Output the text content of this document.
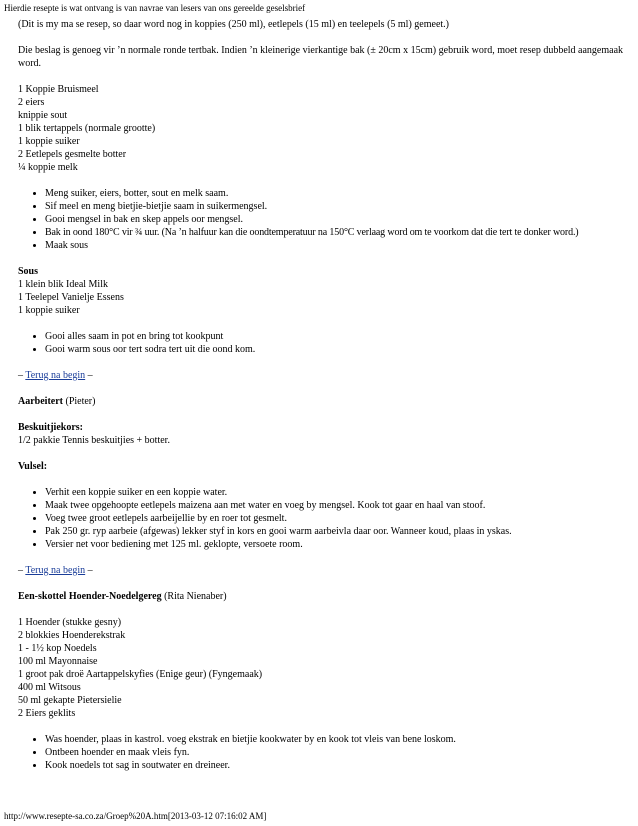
Hierdie resepte is wat ontvang is van navrae van lesers van ons gereelde geselsbrief
(Dit is my ma se resep, so daar word nog in koppies (250 ml), eetlepels (15 ml) en teelepels (5 ml) gemeet.)
Die beslag is genoeg vir ’n normale ronde tertbak. Indien ’n kleinerige vierkantige bak (± 20cm x 15cm) gebruik word, moet resep dubbeld aangemaak word.
1 Koppie Bruismeel
2 eiers
knippie sout
1 blik tertappels (normale grootte)
1 koppie suiker
2 Eetlepels gesmelte botter
¼ koppie melk
• Meng suiker, eiers, botter, sout en melk saam.
• Sif meel en meng bietjie-bietjie saam in suikermengsel.
• Gooi mengsel in bak en skep appels oor mengsel.
• Bak in oond 180°C vir ¾ uur. (Na ’n halfuur kan die oondtemperatuur na 150°C verlaag word om te voorkom dat die tert te donker word.)
• Maak sous
Sous
1 klein blik Ideal Milk
1 Teelepel Vanielje Essens
1 koppie suiker
• Gooi alles saam in pot en bring tot kookpunt
• Gooi warm sous oor tert sodra tert uit die oond kom.
– Terug na begin –
Aarbeitert (Pieter)
Beskuitjiekors:
1/2 pakkie Tennis beskuitjies + botter.
Vulsel:
• Verhit een koppie suiker en een koppie water.
• Maak twee opgehoopte eetlepels maizena aan met water en voeg by mengsel. Kook tot gaar en haal van stoof.
• Voeg twee groot eetlepels aarbeijellie by en roer tot gesmelt.
• Pak 250 gr. ryp aarbeie (afgewas) lekker styf in kors en gooi warm aarbeivla daar oor. Wanneer koud, plaas in yskas.
• Versier net voor bediening met 125 ml. geklopte, versoete room.
– Terug na begin –
Een-skottel Hoender-Noedelgereg (Rita Nienaber)
1 Hoender (stukke gesny)
2 blokkies Hoenderekstrak
1 - 1½ kop Noedels
100 ml Mayonnaise
1 groot pak droë Aartappelskyfies (Enige geur) (Fyngemaak)
400 ml Witsous
50 ml gekapte Pietersielie
2 Eiers geklits
• Was hoender, plaas in kastrol. voeg ekstrak en bietjie kookwater by en kook tot vleis van bene loskom.
• Ontbeen hoender en maak vleis fyn.
• Kook noedels tot sag in soutwater en dreineer.
http://www.resepte-sa.co.za/Groep%20A.htm[2013-03-12 07:16:02 AM]
